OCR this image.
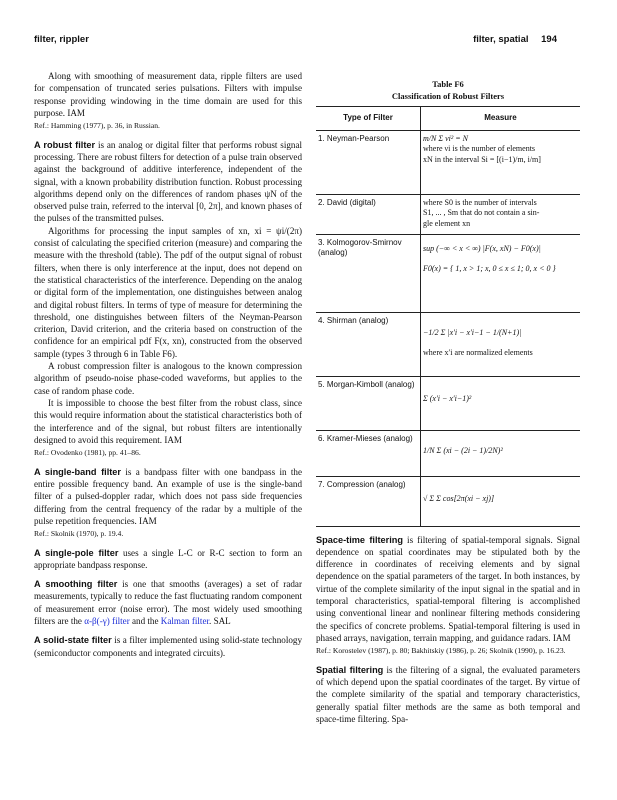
filter, rippler	filter, spatial 194

Along with smoothing of measurement data, ripple filters are used for compensation of truncated series pulsations. Filters with impulse response providing windowing in the time domain are used for this purpose. IAM

Ref.: Hamming (1977), p. 36, in Russian.

A robust filter is an analog or digital filter that performs robust signal processing. There are robust filters for detection of a pulse train observed against the background of additive interference, independent of the signal, with a known probability distribution function. Robust processing algorithms depend only on the differences of random phases ψN of the observed pulse train, referred to the interval [0, 2π], and known phases of the pulses of the transmitted pulses.

Algorithms for processing the input samples of xn, xi = ψi/(2π) consist of calculating the specified criterion (measure) and comparing the measure with the threshold (table). The pdf of the output signal of robust filters, when there is only interference at the input, does not depend on the statistical characteristics of the interference. Depending on the analog or digital form of the implementation, one distinguishes between analog and digital robust filters. In terms of type of measure for determining the threshold, one distinguishes between filters of the Neyman-Pearson criterion, David criterion, and the criteria based on construction of the confidence for an empirical pdf F(x, xn), constructed from the observed sample (types 3 through 6 in Table F6).

A robust compression filter is analogous to the known compression algorithm of pseudo-noise phase-coded waveforms, but applies to the case of random phase code.

It is impossible to choose the best filter from the robust class, since this would require information about the statistical characteristics both of the interference and of the signal, but robust filters are intentionally designed to avoid this requirement. IAM

Ref.: Ovodenko (1981), pp. 41–86.

A single-band filter is a bandpass filter with one bandpass in the entire possible frequency band. An example of use is the single-band filter of a pulsed-doppler radar, which does not pass side frequencies differing from the central frequency of the radar by a multiple of the pulse repetition frequencies. IAM

Ref.: Skolnik (1970), p. 19.4.

A single-pole filter uses a single L-C or R-C section to form an appropriate bandpass response.

A smoothing filter is one that smooths (averages) a set of radar measurements, typically to reduce the fast fluctuating random component of measurement error (noise error). The most widely used smoothing filters are the α-β(-γ) filter and the Kalman filter. SAL

A solid-state filter is a filter implemented using solid-state technology (semiconductor components and integrated circuits).

Table F6
Classification of Robust Filters
Type of Filter	Measure
1. Neyman-Pearson	m/N Σ νi² = N
where νi is the number of elements
xN in the interval Si = [(i−1)/m, i/m]

2. David (digital)	where S0 is the number of intervals
S1, ... , Sm that do not contain a sin-
gle element xn

3. Kolmogorov-Smirnov (analog)	sup (−∞ < x < ∞) |F(x, xN) − F0(x)|
F0(x) = { 1, x > 1; x, 0 ≤ x ≤ 1; 0, x < 0 }

4. Shirman (analog)	−1/2 Σ |x′i − x′i−1 − 1/(N+1)|
where x′i are normalized elements

5. Morgan-Kimboll (analog)	Σ (x′i − x′i−1)²

6. Kramer-Mieses (analog)	1/N Σ (xi − (2i − 1)/2N)²

7. Compression (analog)	√ Σ Σ cos[2π(xi − xj)]

Space-time filtering is filtering of spatial-temporal signals. Signal dependence on spatial coordinates may be stipulated both by the difference in coordinates of receiving elements and by signal dependence on the spatial parameters of the target. In both instances, by virtue of the complete similarity of the input signal in the spatial and in temporal characteristics, spatial-temporal filtering is accomplished using conventional linear and nonlinear filtering methods considering the specifics of concrete problems. Spatial-temporal filtering is used in phased arrays, navigation, terrain mapping, and guidance radars. IAM

Ref.: Korostelev (1987), p. 80; Bakhitskiy (1986), p. 26; Skolnik (1990), p. 16.23.

Spatial filtering is the filtering of a signal, the evaluated parameters of which depend upon the spatial coordinates of the target. By virtue of the complete similarity of the spatial and temporary characteristics, generally spatial filter methods are the same as both temporal and space-time filtering. Spa-
